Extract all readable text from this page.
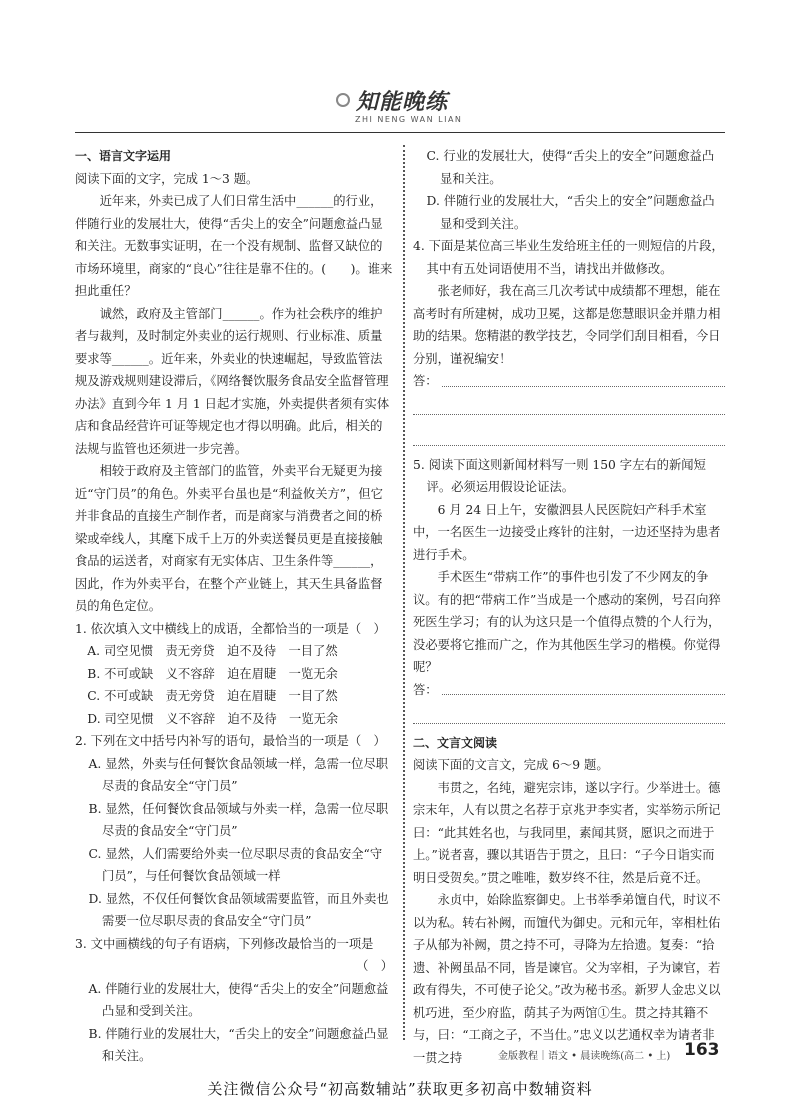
知能晚练
ZHI NENG WAN LIAN

一、语言文字运用

阅读下面的文字，完成 1～3 题。

近年来，外卖已成了人们日常生活中______的行业，伴随行业的发展壮大，使得“舌尖上的安全”问题愈益凸显和关注。无数事实证明，在一个没有规制、监督又缺位的市场环境里，商家的“良心”往往是靠不住的。(　　)。谁来担此重任？

诚然，政府及主管部门______。作为社会秩序的维护者与裁判，及时制定外卖业的运行规则、行业标准、质量要求等______。近年来，外卖业的快速崛起，导致监管法规及游戏规则建设滞后，《网络餐饮服务食品安全监督管理办法》直到今年 1 月 1 日起才实施，外卖提供者须有实体店和食品经营许可证等规定也才得以明确。此后，相关的法规与监管也还须进一步完善。

相较于政府及主管部门的监管，外卖平台无疑更为接近“守门员”的角色。外卖平台虽也是“利益攸关方”，但它并非食品的直接生产制作者，而是商家与消费者之间的桥梁或牵线人，其麾下成千上万的外卖送餐员更是直接接触食品的运送者，对商家有无实体店、卫生条件等______，因此，作为外卖平台，在整个产业链上，其天生具备监督员的角色定位。

1. 依次填入文中横线上的成语，全都恰当的一项是（　）

A. 司空见惯　责无旁贷　迫不及待　一目了然

B. 不可或缺　义不容辞　迫在眉睫　一览无余

C. 不可或缺　责无旁贷　迫在眉睫　一目了然

D. 司空见惯　义不容辞　迫不及待　一览无余

2. 下列在文中括号内补写的语句，最恰当的一项是（　）

A. 显然，外卖与任何餐饮食品领域一样，急需一位尽职尽责的食品安全“守门员”

B. 显然，任何餐饮食品领域与外卖一样，急需一位尽职尽责的食品安全“守门员”

C. 显然，人们需要给外卖一位尽职尽责的食品安全“守门员”，与任何餐饮食品领域一样

D. 显然，不仅任何餐饮食品领域需要监管，而且外卖也需要一位尽职尽责的食品安全“守门员”

3. 文中画横线的句子有语病，下列修改最恰当的一项是

（　）

A. 伴随行业的发展壮大，使得“舌尖上的安全”问题愈益凸显和受到关注。

B. 伴随行业的发展壮大，“舌尖上的安全”问题愈益凸显和关注。

C. 行业的发展壮大，使得“舌尖上的安全”问题愈益凸显和关注。

D. 伴随行业的发展壮大，“舌尖上的安全”问题愈益凸显和受到关注。

4. 下面是某位高三毕业生发给班主任的一则短信的片段，其中有五处词语使用不当，请找出并做修改。

张老师好，我在高三几次考试中成绩都不理想，能在高考时有所建树，成功卫冕，这都是您慧眼识金并鼎力相助的结果。您精湛的教学技艺，令同学们刮目相看，今日分别，谨祝编安！

答：

5. 阅读下面这则新闻材料写一则 150 字左右的新闻短评。必须运用假设论证法。

6 月 24 日上午，安徽泗县人民医院妇产科手术室中，一名医生一边接受止疼针的注射，一边还坚持为患者进行手术。

手术医生“带病工作”的事件也引发了不少网友的争议。有的把“带病工作”当成是一个感动的案例，号召向猝死医生学习；有的认为这只是一个值得点赞的个人行为，没必要将它推而广之，作为其他医生学习的楷模。你觉得呢？

答：

二、文言文阅读

阅读下面的文言文，完成 6～9 题。

韦贯之，名纯，避宪宗讳，遂以字行。少举进士。德宗末年，人有以贯之名荐于京兆尹李实者，实举笏示所记曰：“此其姓名也，与我同里，素闻其贤，愿识之而进于上。”说者喜，骤以其语告于贯之，且曰：“子今日诣实而明日受贺矣。”贯之唯唯，数岁终不往，然是后竟不迁。

永贞中，始除监察御史。上书举季弟𫗴自代，时议不以为私。转右补阙，而𫗴代为御史。元和元年，宰相杜佑子从郁为补阙，贯之持不可，寻降为左拾遗。复奏：“拾遗、补阙虽品不同，皆是谏官。父为宰相，子为谏官，若政有得失，不可使子论父。”改为秘书丞。新罗人金忠义以机巧进，至少府监，荫其子为两馆①生。贯之持其籍不与，曰：“工商之子，不当仕。”忠义以艺通权幸为请者非一贯之持	金版教程｜语文 • 晨读晚练(高二 • 上) 163
关注微信公众号“初高数辅站”获取更多初高中数辅资料
